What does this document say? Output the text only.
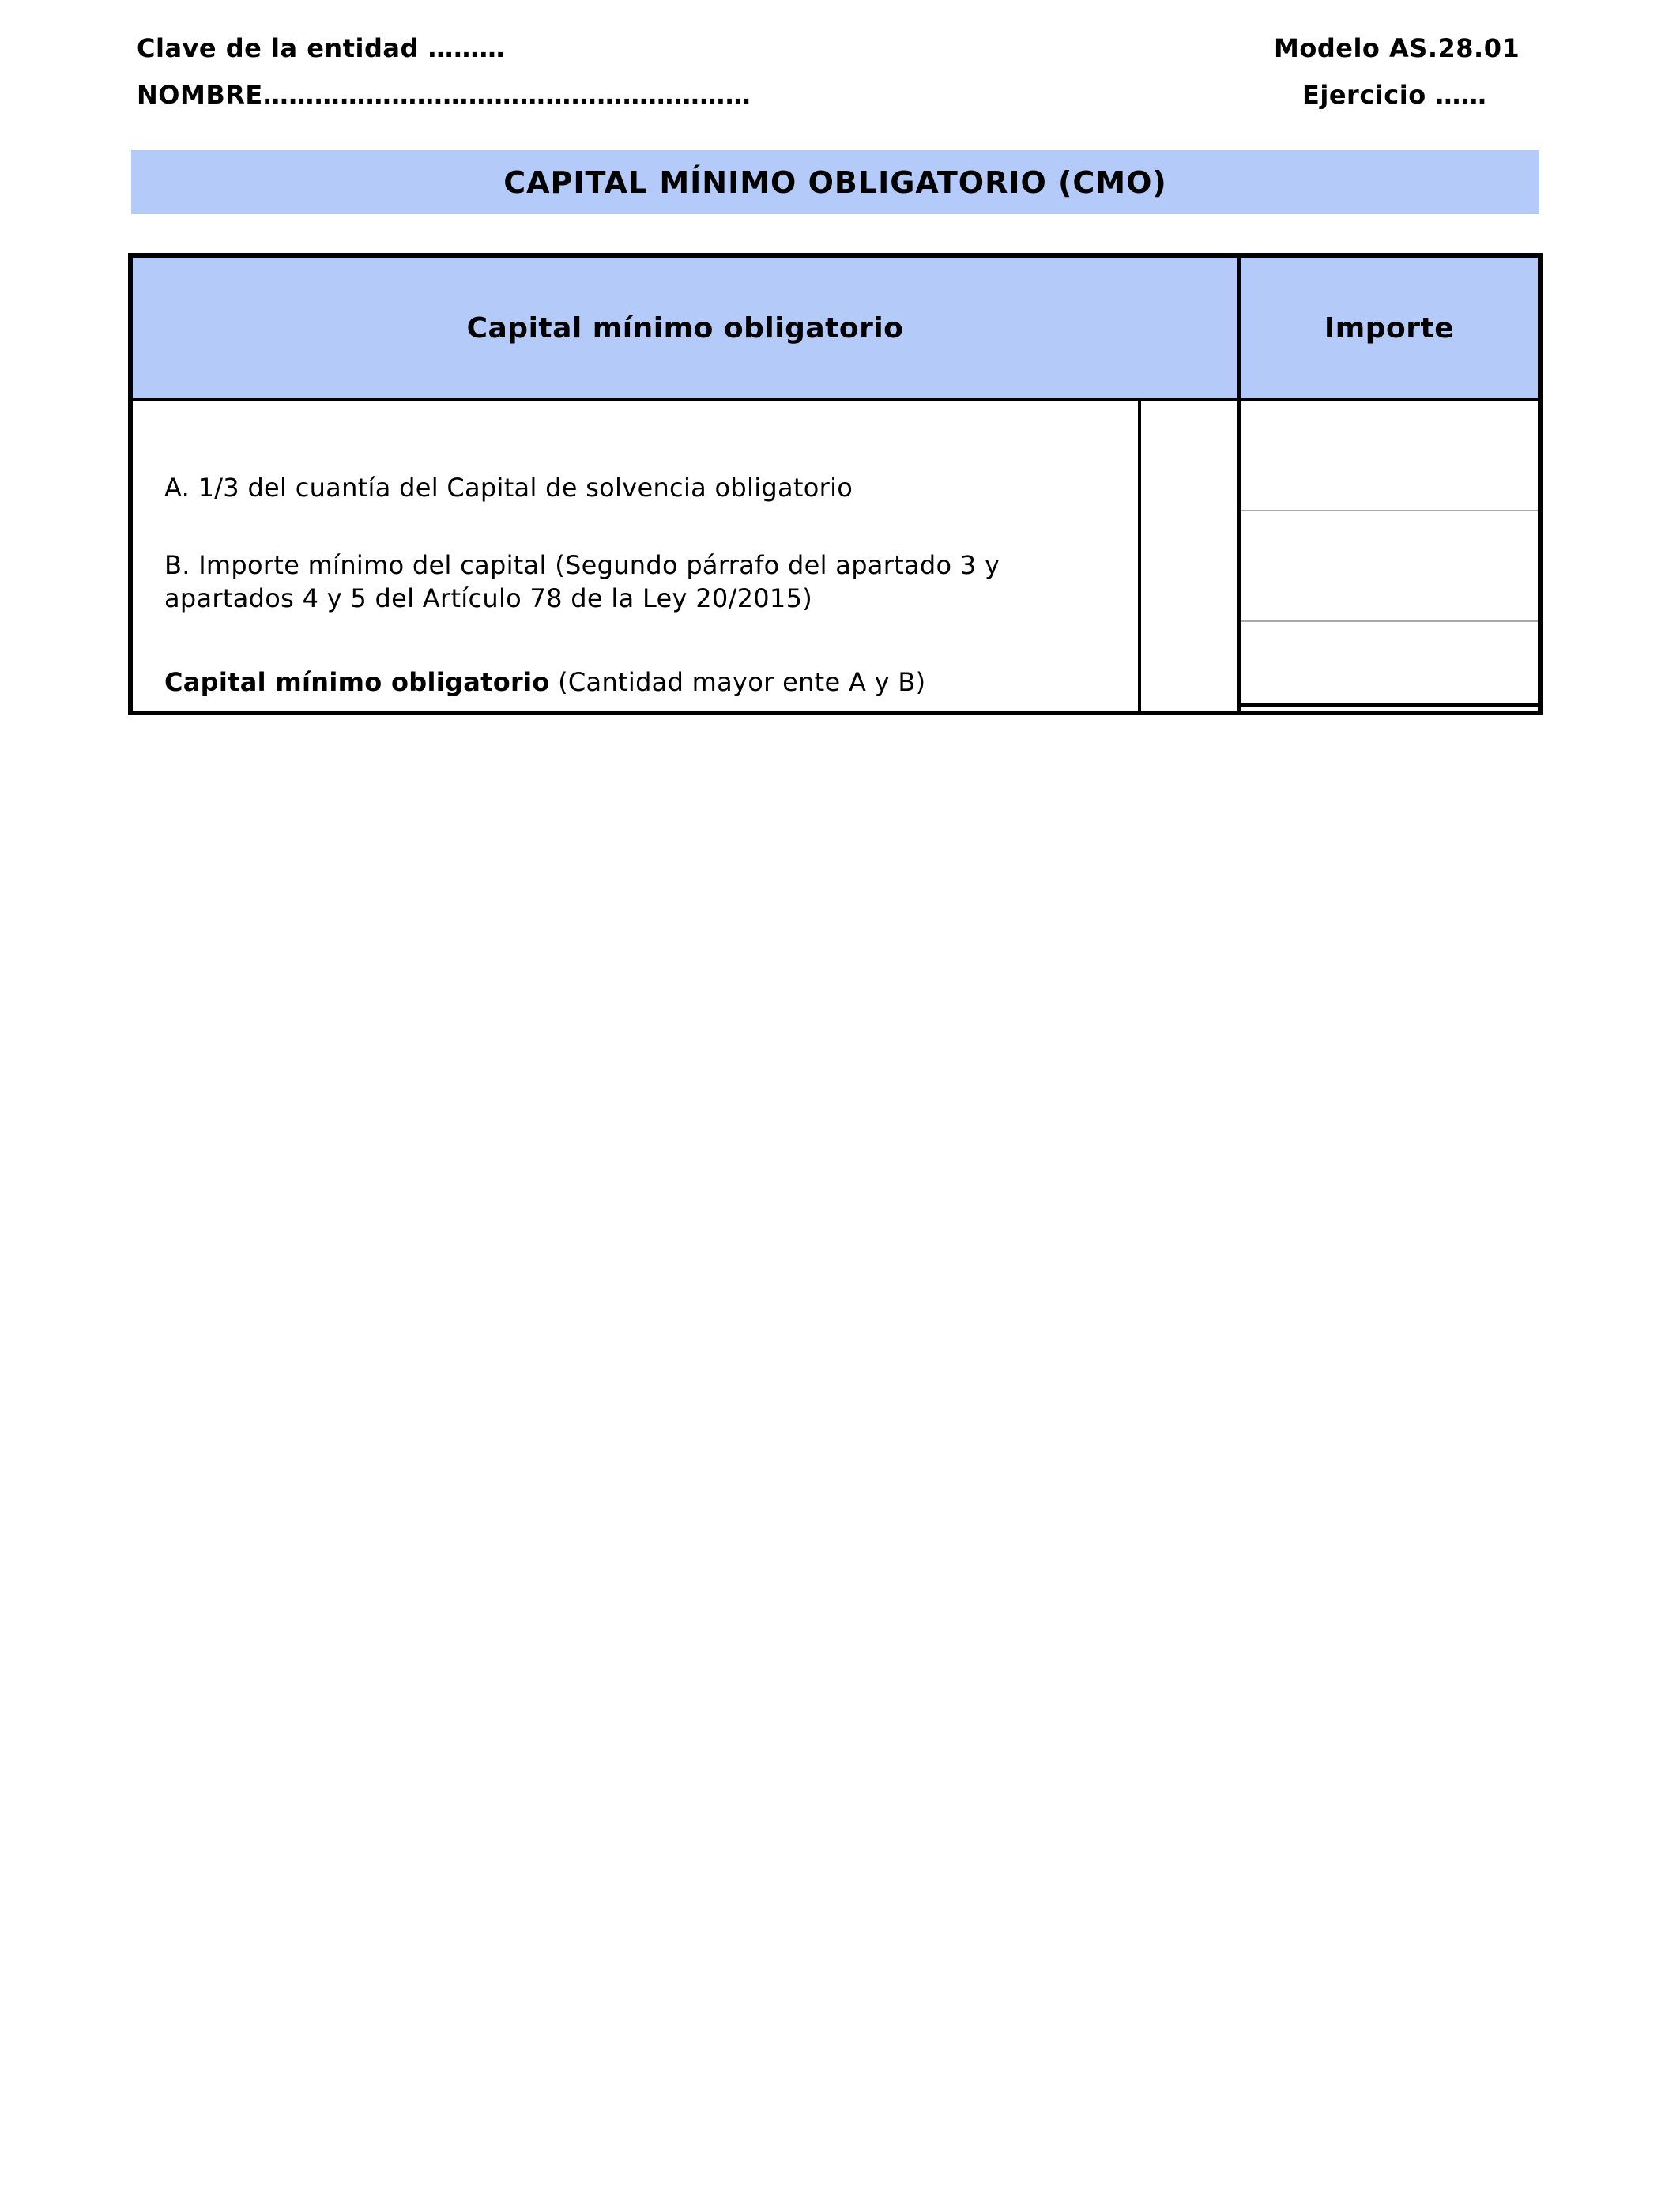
Clave de la entidad ………
NOMBRE…………………………………………………
Modelo AS.28.01
Ejercicio ……
CAPITAL MÍNIMO OBLIGATORIO (CMO)
Capital mínimo obligatorio	Importe
A. 1/3 del cuantía del Capital de solvencia obligatorio
B. Importe mínimo del capital (Segundo párrafo del apartado 3 y apartados 4 y 5 del Artículo 78 de la Ley 20/2015)
Capital mínimo obligatorio (Cantidad mayor ente A y B)
